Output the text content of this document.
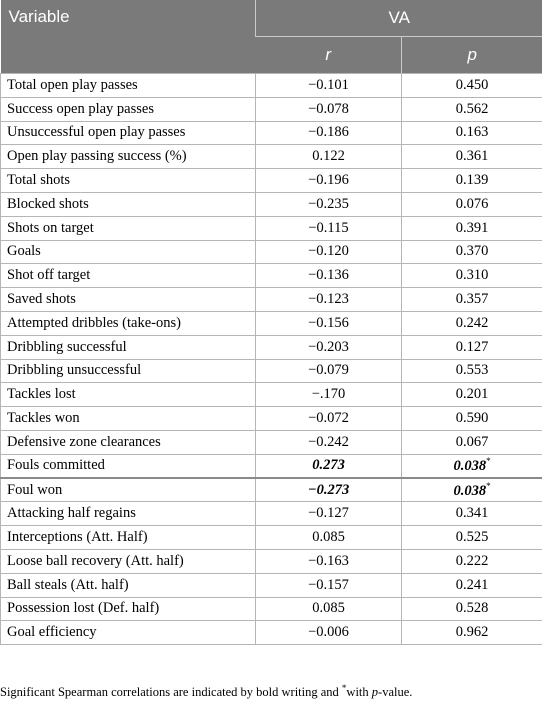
Variable	VA	
	r	p
Total open play passes	−0.101	0.450
Success open play passes	−0.078	0.562
Unsuccessful open play passes	−0.186	0.163
Open play passing success (%)	0.122	0.361
Total shots	−0.196	0.139
Blocked shots	−0.235	0.076
Shots on target	−0.115	0.391
Goals	−0.120	0.370
Shot off target	−0.136	0.310
Saved shots	−0.123	0.357
Attempted dribbles (take-ons)	−0.156	0.242
Dribbling successful	−0.203	0.127
Dribbling unsuccessful	−0.079	0.553
Tackles lost	−.170	0.201
Tackles won	−0.072	0.590
Defensive zone clearances	−0.242	0.067
Fouls committed	0.273	0.038*
Foul won	−0.273	0.038*
Attacking half regains	−0.127	0.341
Interceptions (Att. Half)	0.085	0.525
Loose ball recovery (Att. half)	−0.163	0.222
Ball steals (Att. half)	−0.157	0.241
Possession lost (Def. half)	0.085	0.528
Goal efficiency	−0.006	0.962
Significant Spearman correlations are indicated by bold writing and *with p-value.
